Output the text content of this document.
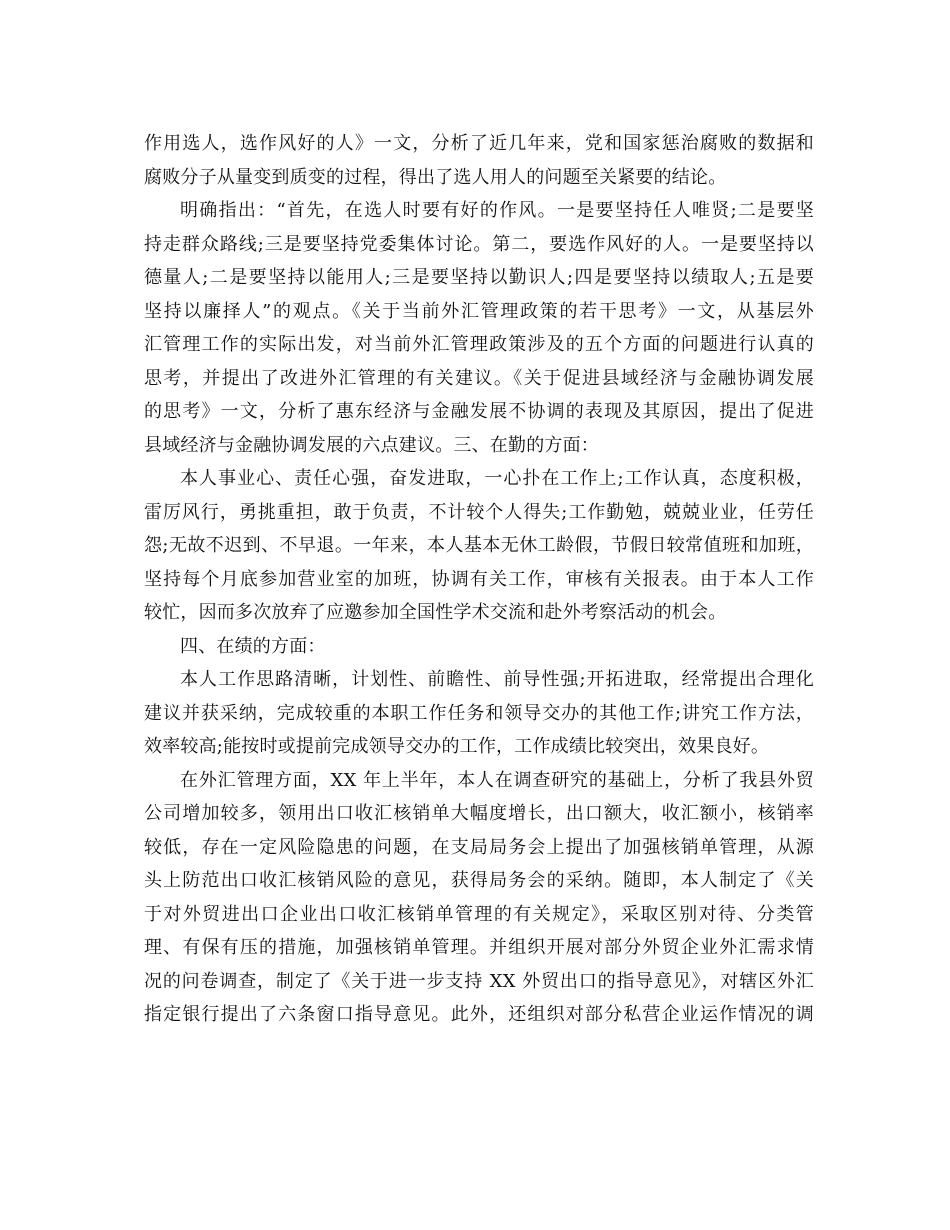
作用选人，选作风好的人》一文，分析了近几年来，党和国家惩治腐败的数据和
腐败分子从量变到质变的过程，得出了选人用人的问题至关紧要的结论。
明确指出：“首先，在选人时要有好的作风。一是要坚持任人唯贤;二是要坚
持走群众路线;三是要坚持党委集体讨论。第二，要选作风好的人。一是要坚持以
德量人;二是要坚持以能用人;三是要坚持以勤识人;四是要坚持以绩取人;五是要
坚持以廉择人”的观点。《关于当前外汇管理政策的若干思考》一文，从基层外
汇管理工作的实际出发，对当前外汇管理政策涉及的五个方面的问题进行认真的
思考，并提出了改进外汇管理的有关建议。《关于促进县域经济与金融协调发展
的思考》一文，分析了惠东经济与金融发展不协调的表现及其原因，提出了促进
县域经济与金融协调发展的六点建议。三、在勤的方面：
本人事业心、责任心强，奋发进取，一心扑在工作上;工作认真，态度积极，
雷厉风行，勇挑重担，敢于负责，不计较个人得失;工作勤勉，兢兢业业，任劳任
怨;无故不迟到、不早退。一年来，本人基本无休工龄假，节假日较常值班和加班，
坚持每个月底参加营业室的加班，协调有关工作，审核有关报表。由于本人工作
较忙，因而多次放弃了应邀参加全国性学术交流和赴外考察活动的机会。
四、在绩的方面：
本人工作思路清晰，计划性、前瞻性、前导性强;开拓进取，经常提出合理化
建议并获采纳，完成较重的本职工作任务和领导交办的其他工作;讲究工作方法，
效率较高;能按时或提前完成领导交办的工作，工作成绩比较突出，效果良好。
在外汇管理方面，XX 年上半年，本人在调查研究的基础上，分析了我县外贸
公司增加较多，领用出口收汇核销单大幅度增长，出口额大，收汇额小，核销率
较低，存在一定风险隐患的问题，在支局局务会上提出了加强核销单管理，从源
头上防范出口收汇核销风险的意见，获得局务会的采纳。随即，本人制定了《关
于对外贸进出口企业出口收汇核销单管理的有关规定》，采取区别对待、分类管
理、有保有压的措施，加强核销单管理。并组织开展对部分外贸企业外汇需求情
况的问卷调查，制定了《关于进一步支持 XX 外贸出口的指导意见》，对辖区外汇
指定银行提出了六条窗口指导意见。此外，还组织对部分私营企业运作情况的调
